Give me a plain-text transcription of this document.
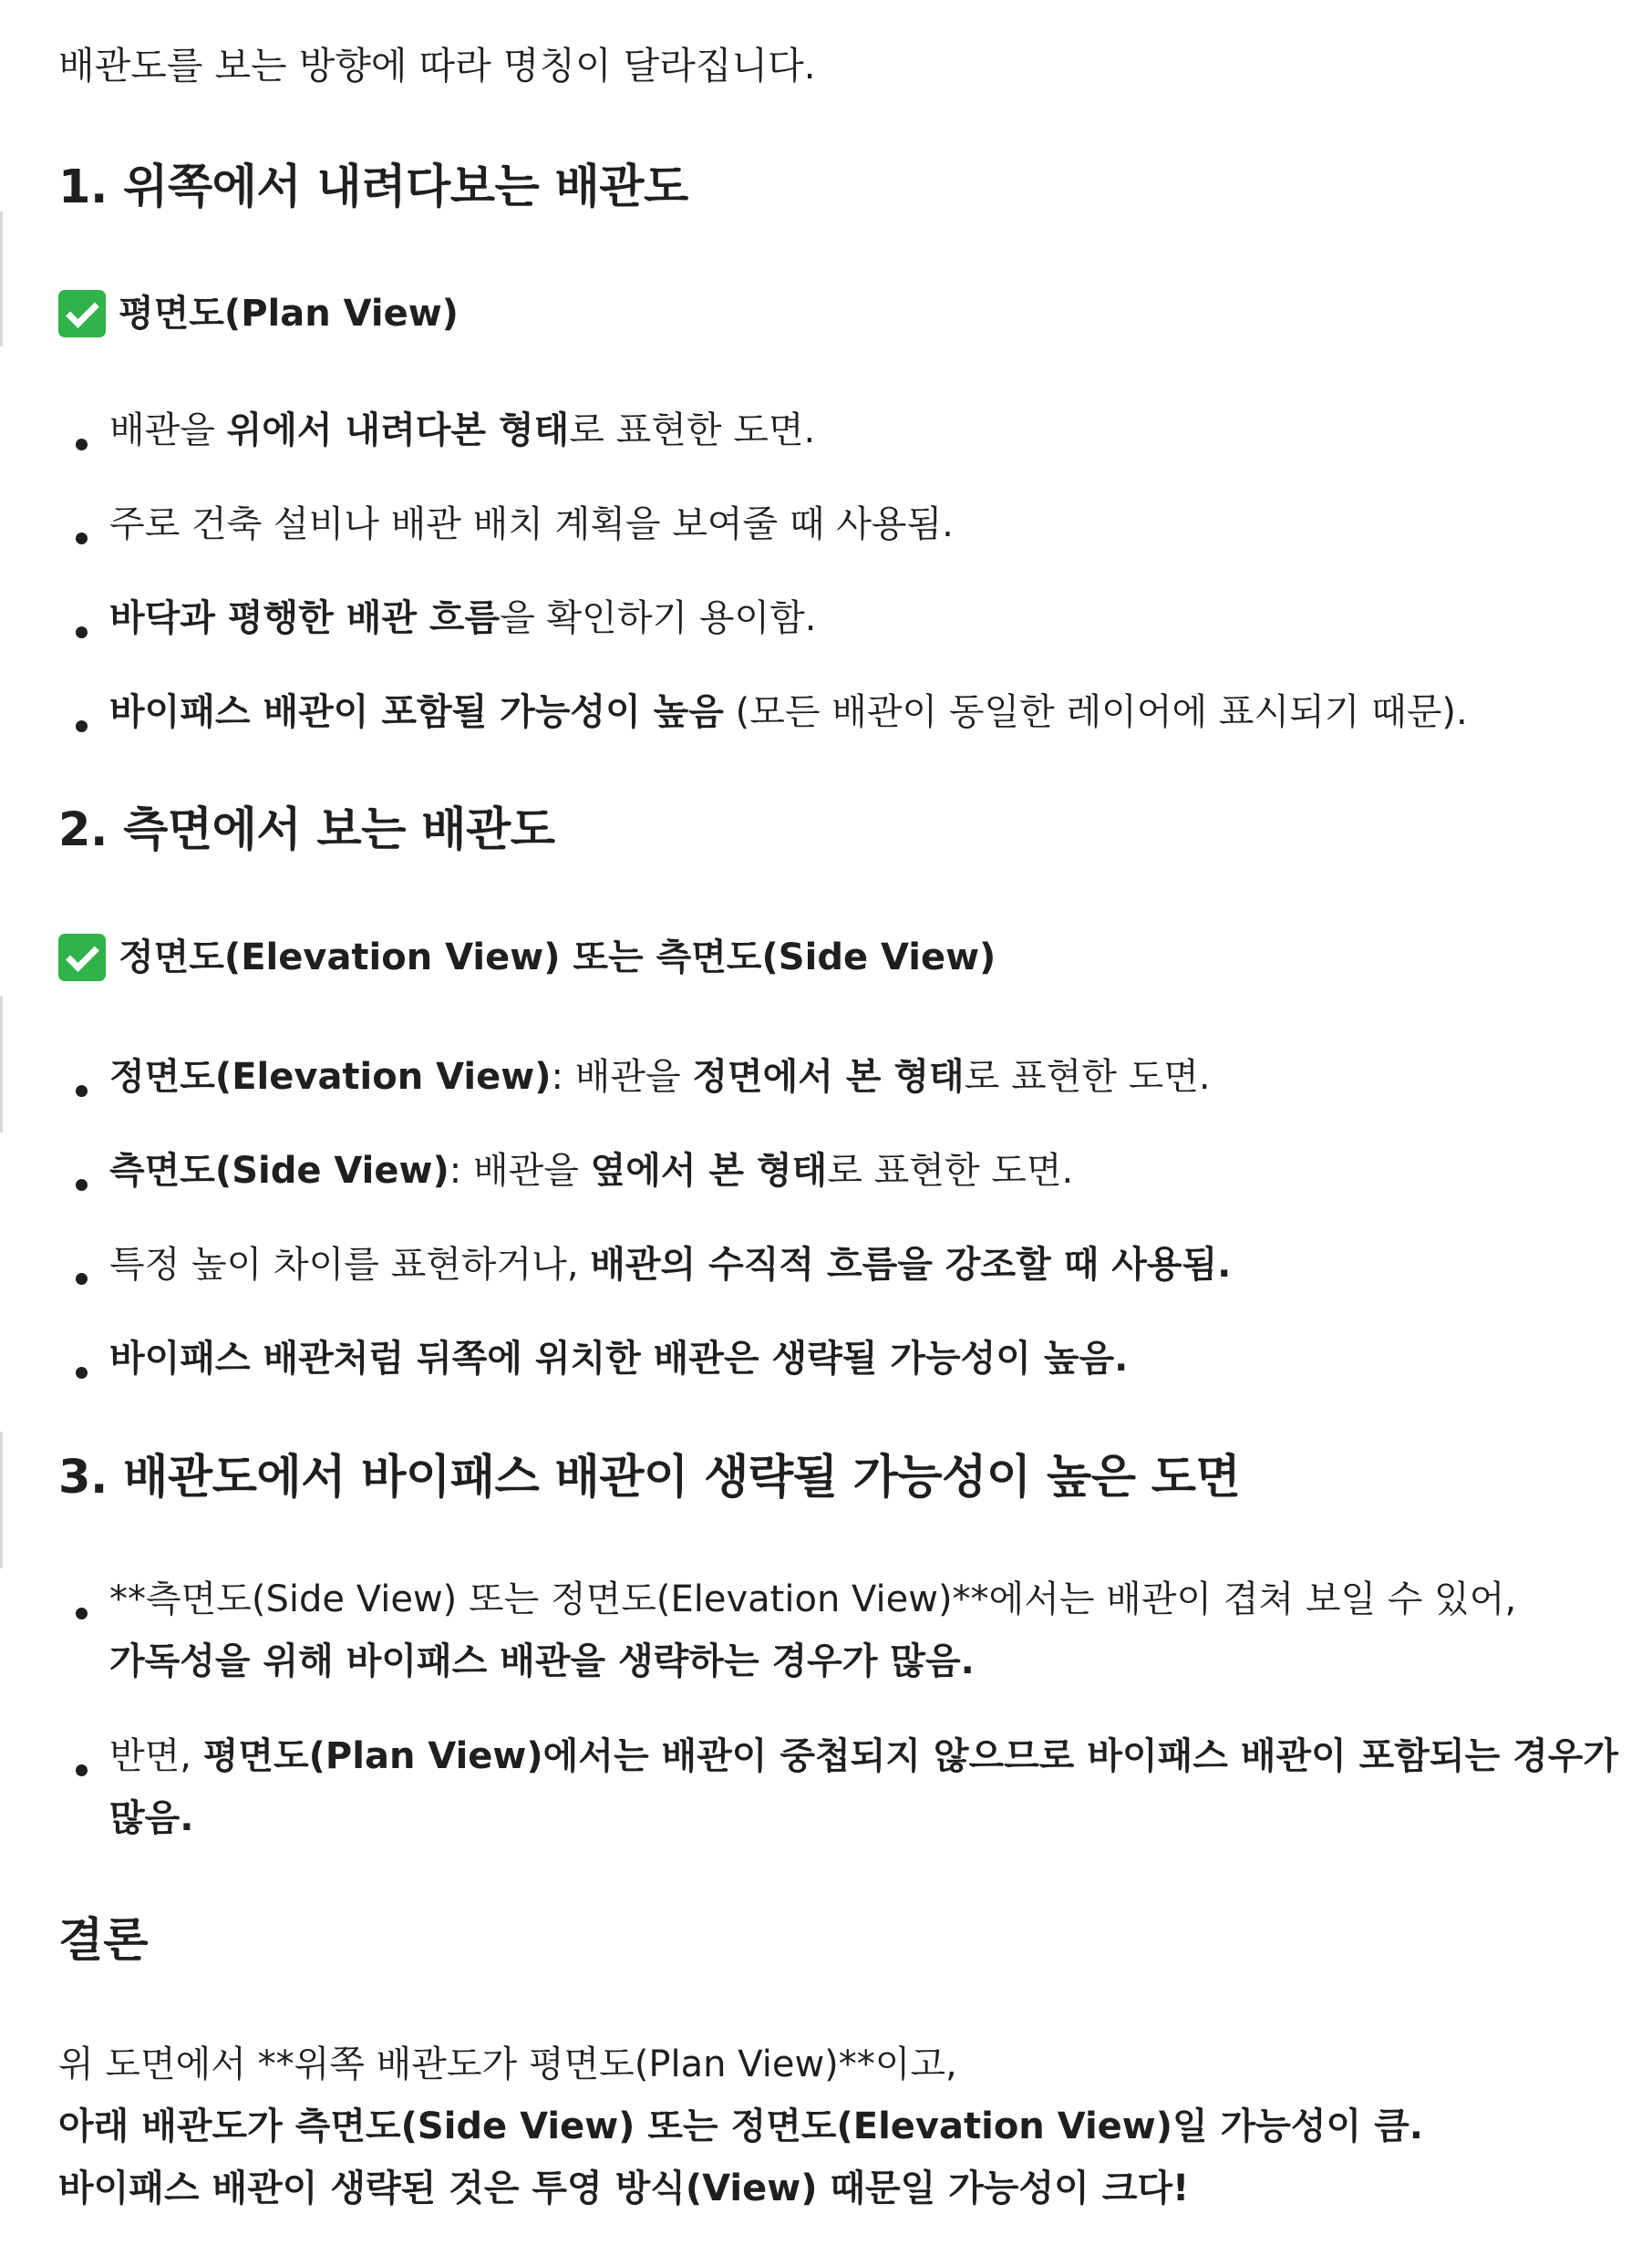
배관도를 보는 방향에 따라 명칭이 달라집니다.
1. 위쪽에서 내려다보는 배관도
평면도(Plan View)
배관을 위에서 내려다본 형태로 표현한 도면.
주로 건축 설비나 배관 배치 계획을 보여줄 때 사용됨.
바닥과 평행한 배관 흐름을 확인하기 용이함.
바이패스 배관이 포함될 가능성이 높음 (모든 배관이 동일한 레이어에 표시되기 때문).
2. 측면에서 보는 배관도
정면도(Elevation View) 또는 측면도(Side View)
정면도(Elevation View): 배관을 정면에서 본 형태로 표현한 도면.
측면도(Side View): 배관을 옆에서 본 형태로 표현한 도면.
특정 높이 차이를 표현하거나, 배관의 수직적 흐름을 강조할 때 사용됨.
바이패스 배관처럼 뒤쪽에 위치한 배관은 생략될 가능성이 높음.
3. 배관도에서 바이패스 배관이 생략될 가능성이 높은 도면
**측면도(Side View) 또는 정면도(Elevation View)**에서는 배관이 겹쳐 보일 수 있어,
가독성을 위해 바이패스 배관을 생략하는 경우가 많음.
반면, 평면도(Plan View)에서는 배관이 중첩되지 않으므로 바이패스 배관이 포함되는 경우가
많음.
결론
위 도면에서 **위쪽 배관도가 평면도(Plan View)**이고,
아래 배관도가 측면도(Side View) 또는 정면도(Elevation View)일 가능성이 큼.
바이패스 배관이 생략된 것은 투영 방식(View) 때문일 가능성이 크다!
